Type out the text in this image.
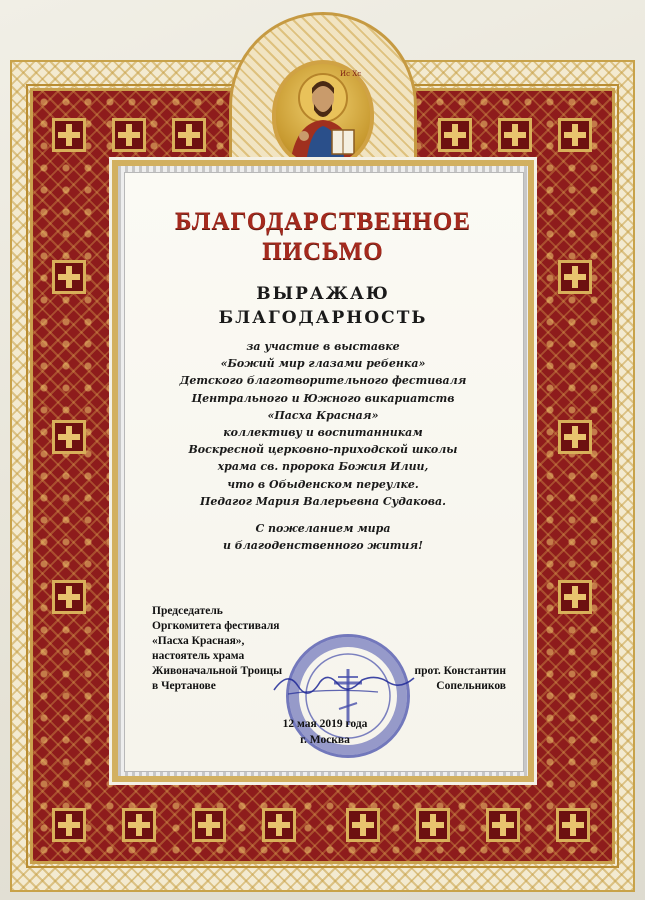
Ис Хс
БЛАГОДАРСТВЕННОЕ
ПИСЬМО
ВЫРАЖАЮ
БЛАГОДАРНОСТЬ
за участие в выставке
«Божий мир глазами ребенка»
Детского благотворительного фестиваля
Центрального и Южного викариатств
«Пасха Красная»
коллективу и воспитанникам
Воскресной церковно-приходской школы
храма св. пророка Божия Илии,
что в Обыденском переулке.
Педагог Мария Валерьевна Судакова.
С пожеланием мира
и благоденственного жития!
Председатель
Оргкомитета фестиваля
«Пасха Красная»,
настоятель храма
Живоначальной Троицы
в Чертанове
прот. Константин
Сопельников
12 мая 2019 года
г. Москва
